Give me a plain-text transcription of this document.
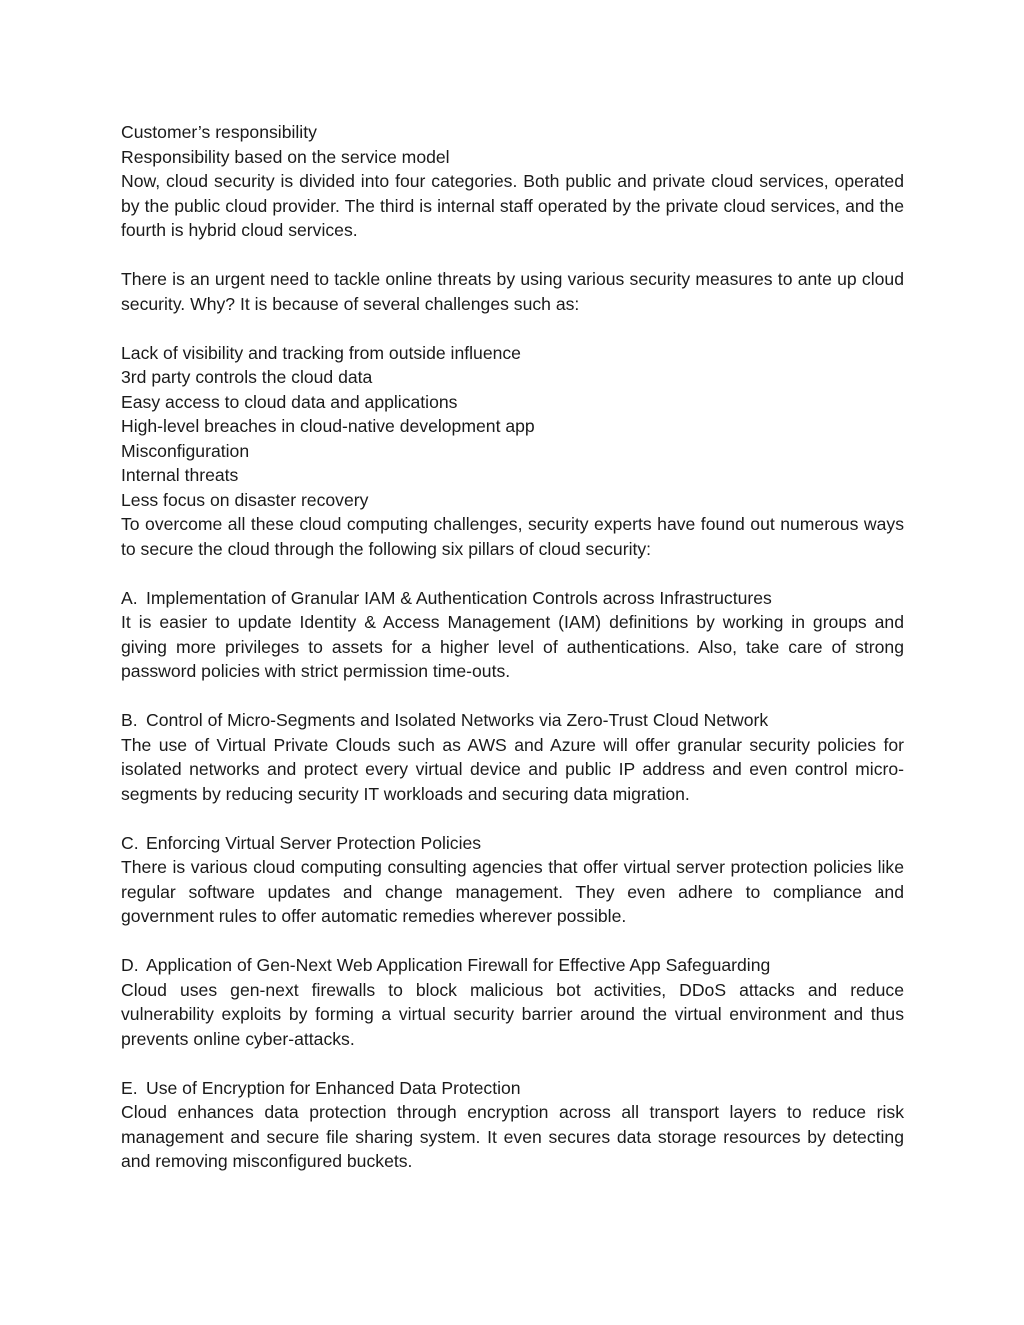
Customer’s responsibility
Responsibility based on the service model

Now, cloud security is divided into four categories. Both public and private cloud services, operated by the public cloud provider. The third is internal staff operated by the private cloud services, and the fourth is hybrid cloud services.

There is an urgent need to tackle online threats by using various security measures to ante up cloud security. Why? It is because of several challenges such as:

Lack of visibility and tracking from outside influence
3rd party controls the cloud data
Easy access to cloud data and applications
High-level breaches in cloud-native development app
Misconfiguration
Internal threats
Less focus on disaster recovery

To overcome all these cloud computing challenges, security experts have found out numerous ways to secure the cloud through the following six pillars of cloud security:

A. Implementation of Granular IAM & Authentication Controls across Infrastructures

It is easier to update Identity & Access Management (IAM) definitions by working in groups and giving more privileges to assets for a higher level of authentications. Also, take care of strong password policies with strict permission time-outs.

B. Control of Micro-Segments and Isolated Networks via Zero-Trust Cloud Network

The use of Virtual Private Clouds such as AWS and Azure will offer granular security policies for isolated networks and protect every virtual device and public IP address and even control micro-segments by reducing security IT workloads and securing data migration.

C. Enforcing Virtual Server Protection Policies

There is various cloud computing consulting agencies that offer virtual server protection policies like regular software updates and change management. They even adhere to compliance and government rules to offer automatic remedies wherever possible.

D. Application of Gen-Next Web Application Firewall for Effective App Safeguarding

Cloud uses gen-next firewalls to block malicious bot activities, DDoS attacks and reduce vulnerability exploits by forming a virtual security barrier around the virtual environment and thus prevents online cyber-attacks.

E. Use of Encryption for Enhanced Data Protection

Cloud enhances data protection through encryption across all transport layers to reduce risk management and secure file sharing system. It even secures data storage resources by detecting and removing misconfigured buckets.
